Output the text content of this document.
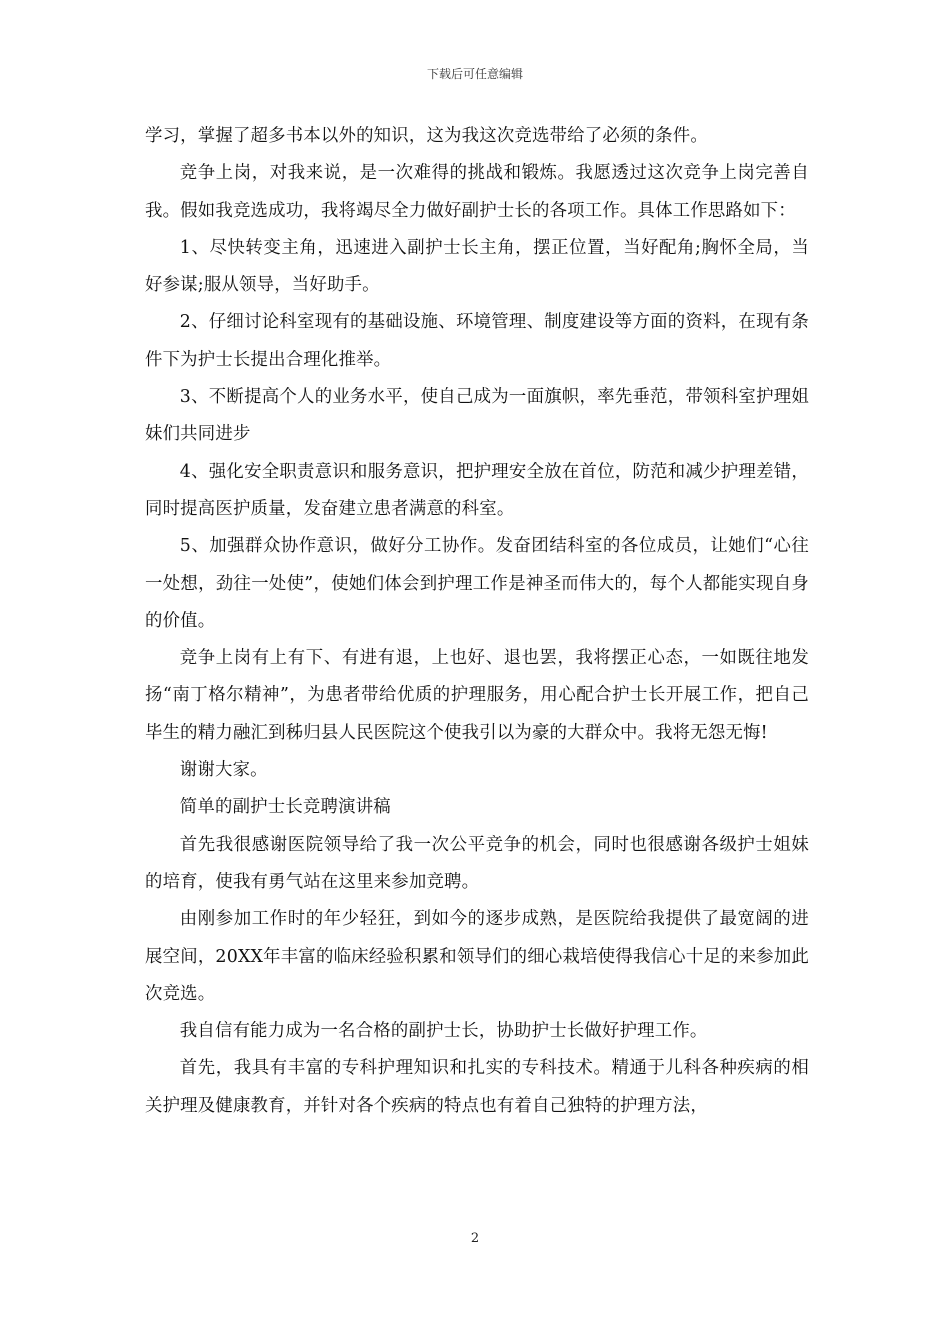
下载后可任意编辑

学习，掌握了超多书本以外的知识，这为我这次竞选带给了必须的条件。

竞争上岗，对我来说，是一次难得的挑战和锻炼。我愿透过这次竞争上岗完善自我。假如我竞选成功，我将竭尽全力做好副护士长的各项工作。具体工作思路如下：

1、尽快转变主角，迅速进入副护士长主角，摆正位置，当好配角;胸怀全局，当好参谋;服从领导，当好助手。

2、仔细讨论科室现有的基础设施、环境管理、制度建设等方面的资料，在现有条件下为护士长提出合理化推举。

3、不断提高个人的业务水平，使自己成为一面旗帜，率先垂范，带领科室护理姐妹们共同进步

4、强化安全职责意识和服务意识，把护理安全放在首位，防范和减少护理差错，同时提高医护质量，发奋建立患者满意的科室。

5、加强群众协作意识，做好分工协作。发奋团结科室的各位成员，让她们“心往一处想，劲往一处使”，使她们体会到护理工作是神圣而伟大的，每个人都能实现自身的价值。

竞争上岗有上有下、有进有退，上也好、退也罢，我将摆正心态，一如既往地发扬“南丁格尔精神”，为患者带给优质的护理服务，用心配合护士长开展工作，把自己毕生的精力融汇到秭归县人民医院这个使我引以为豪的大群众中。我将无怨无悔!

谢谢大家。

简单的副护士长竞聘演讲稿

首先我很感谢医院领导给了我一次公平竞争的机会，同时也很感谢各级护士姐妹的培育，使我有勇气站在这里来参加竞聘。

由刚参加工作时的年少轻狂，到如今的逐步成熟，是医院给我提供了最宽阔的进展空间，20XX年丰富的临床经验积累和领导们的细心栽培使得我信心十足的来参加此次竞选。

我自信有能力成为一名合格的副护士长，协助护士长做好护理工作。

首先，我具有丰富的专科护理知识和扎实的专科技术。精通于儿科各种疾病的相关护理及健康教育，并针对各个疾病的特点也有着自己独特的护理方法，

2
